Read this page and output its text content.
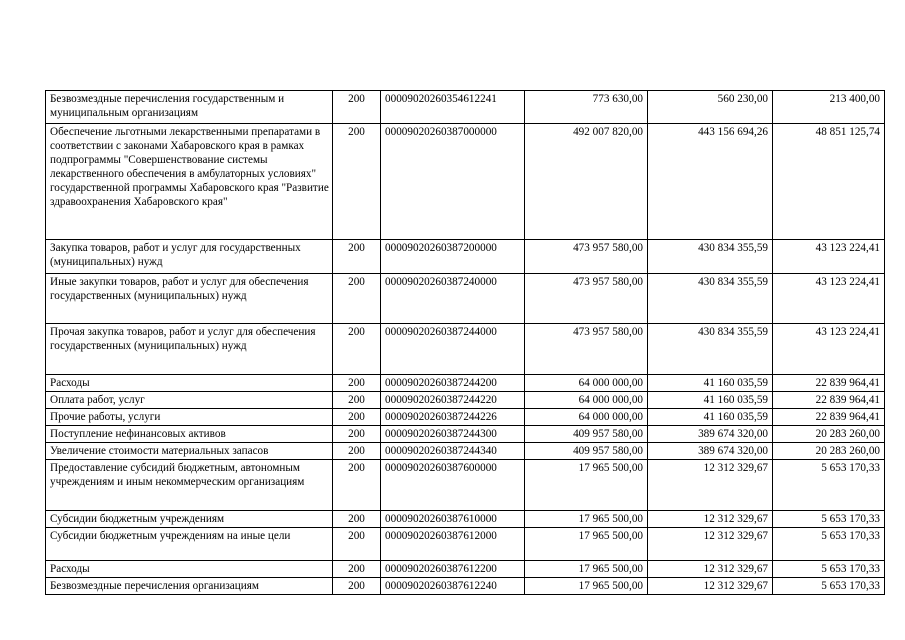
Безвозмездные перечисления государственным и муниципальным организациям	200	00009020260354612241	773 630,00	560 230,00	213 400,00
Обеспечение льготными лекарственными препаратами в соответствии с законами Хабаровского края в рамках подпрограммы "Совершенствование системы лекарственного обеспечения в амбулаторных условиях" государственной программы Хабаровского края "Развитие здравоохранения Хабаровского края"	200	00009020260387000000	492 007 820,00	443 156 694,26	48 851 125,74
Закупка товаров, работ и услуг для государственных (муниципальных) нужд	200	00009020260387200000	473 957 580,00	430 834 355,59	43 123 224,41
Иные закупки товаров, работ и услуг для обеспечения государственных (муниципальных) нужд	200	00009020260387240000	473 957 580,00	430 834 355,59	43 123 224,41
Прочая закупка товаров, работ и услуг для обеспечения государственных (муниципальных) нужд	200	00009020260387244000	473 957 580,00	430 834 355,59	43 123 224,41
Расходы	200	00009020260387244200	64 000 000,00	41 160 035,59	22 839 964,41
Оплата работ, услуг	200	00009020260387244220	64 000 000,00	41 160 035,59	22 839 964,41
Прочие работы, услуги	200	00009020260387244226	64 000 000,00	41 160 035,59	22 839 964,41
Поступление нефинансовых активов	200	00009020260387244300	409 957 580,00	389 674 320,00	20 283 260,00
Увеличение стоимости материальных запасов	200	00009020260387244340	409 957 580,00	389 674 320,00	20 283 260,00
Предоставление субсидий бюджетным, автономным учреждениям и иным некоммерческим организациям	200	00009020260387600000	17 965 500,00	12 312 329,67	5 653 170,33
Субсидии бюджетным учреждениям	200	00009020260387610000	17 965 500,00	12 312 329,67	5 653 170,33
Субсидии бюджетным учреждениям на иные цели	200	00009020260387612000	17 965 500,00	12 312 329,67	5 653 170,33
Расходы	200	00009020260387612200	17 965 500,00	12 312 329,67	5 653 170,33
Безвозмездные перечисления организациям	200	00009020260387612240	17 965 500,00	12 312 329,67	5 653 170,33
